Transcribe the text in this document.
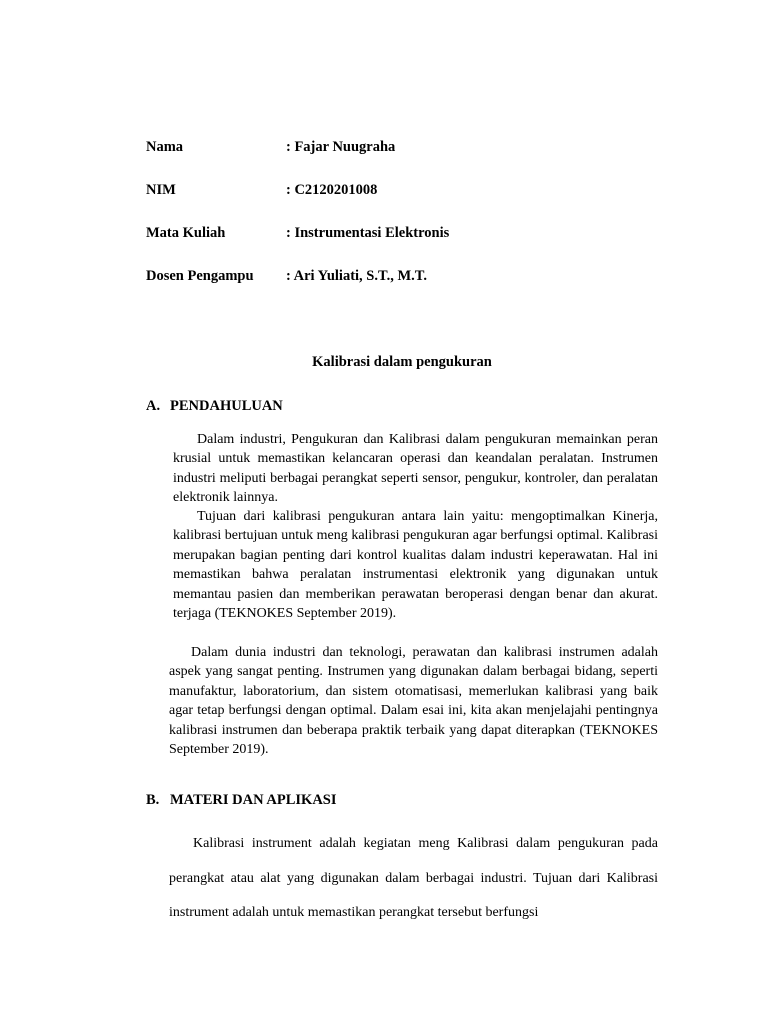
Nama	: Fajar Nuugraha
NIM	: C2120201008
Mata Kuliah	: Instrumentasi Elektronis
Dosen Pengampu : Ari Yuliati, S.T., M.T.
Kalibrasi dalam pengukuran
A. PENDAHULUAN

Dalam industri, Pengukuran dan Kalibrasi dalam pengukuran memainkan peran krusial untuk memastikan kelancaran operasi dan keandalan peralatan. Instrumen industri meliputi berbagai perangkat seperti sensor, pengukur, kontroler, dan peralatan elektronik lainnya.

Tujuan dari kalibrasi pengukuran antara lain yaitu: mengoptimalkan Kinerja, kalibrasi bertujuan untuk meng kalibrasi pengukuran agar berfungsi optimal. Kalibrasi merupakan bagian penting dari kontrol kualitas dalam industri keperawatan. Hal ini memastikan bahwa peralatan instrumentasi elektronik yang digunakan untuk memantau pasien dan memberikan perawatan beroperasi dengan benar dan akurat. terjaga (TEKNOKES September 2019).

Dalam dunia industri dan teknologi, perawatan dan kalibrasi instrumen adalah aspek yang sangat penting. Instrumen yang digunakan dalam berbagai bidang, seperti manufaktur, laboratorium, dan sistem otomatisasi, memerlukan kalibrasi yang baik agar tetap berfungsi dengan optimal. Dalam esai ini, kita akan menjelajahi pentingnya kalibrasi instrumen dan beberapa praktik terbaik yang dapat diterapkan (TEKNOKES September 2019).

B. MATERI DAN APLIKASI

Kalibrasi instrument adalah kegiatan meng Kalibrasi dalam pengukuran pada perangkat atau alat yang digunakan dalam berbagai industri. Tujuan dari Kalibrasi instrument adalah untuk memastikan perangkat tersebut berfungsi
